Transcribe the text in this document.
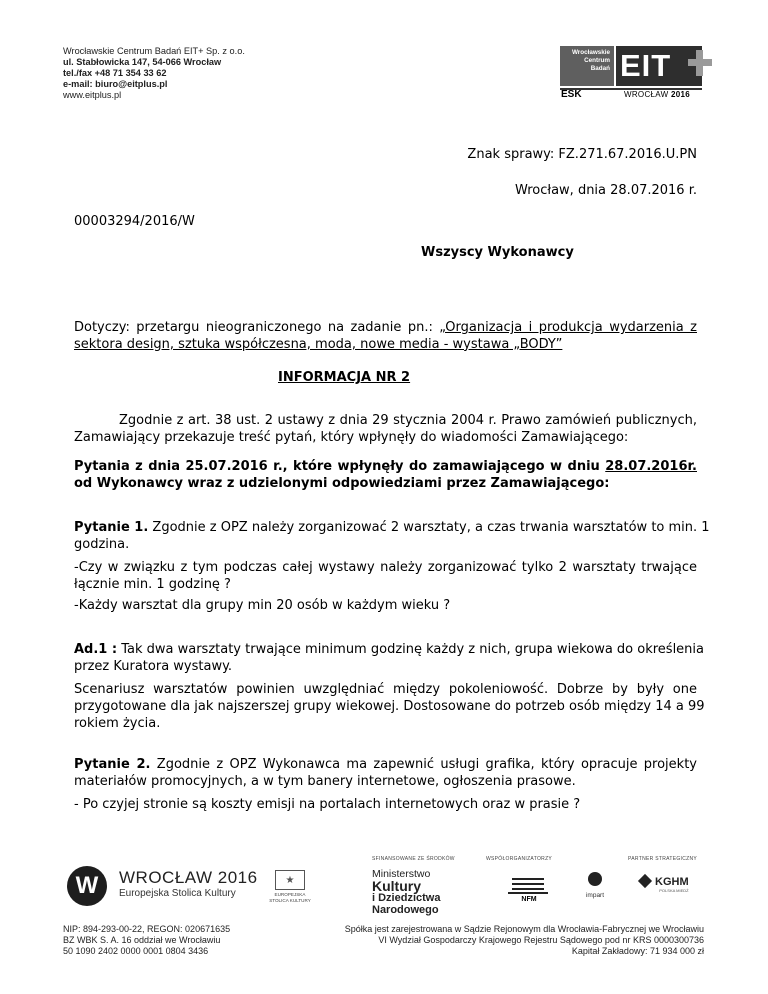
Wrocławskie Centrum Badań EIT+ Sp. z o.o.
ul. Stabłowicka 147, 54-066 Wrocław
tel./fax +48 71 354 33 62
e-mail: biuro@eitplus.pl
www.eitplus.pl
Wrocławskie
Centrum
Badań EIT
ESK	WROCŁAW 2016
Znak sprawy: FZ.271.67.2016.U.PN
Wrocław, dnia 28.07.2016 r.
00003294/2016/W
Wszyscy Wykonawcy
Dotyczy: przetargu nieograniczonego na zadanie pn.: „Organizacja i produkcja wydarzenia z
sektora design, sztuka współczesna, moda, nowe media - wystawa „BODY”
INFORMACJA NR 2
Zgodnie z art. 38 ust. 2 ustawy z dnia 29 stycznia 2004 r. Prawo zamówień publicznych,
Zamawiający przekazuje treść pytań, który wpłynęły do wiadomości Zamawiającego:
Pytania z dnia 25.07.2016 r., które wpłynęły do zamawiającego w dniu 28.07.2016r.
od Wykonawcy wraz z udzielonymi odpowiedziami przez Zamawiającego:
Pytanie 1. Zgodnie z OPZ należy zorganizować 2 warsztaty, a czas trwania warsztatów to min. 1
godzina.
-Czy w związku z tym podczas całej wystawy należy zorganizować tylko 2 warsztaty trwające
łącznie min. 1 godzinę ?
-Każdy warsztat dla grupy min 20 osób w każdym wieku ?
Ad.1 : Tak dwa warsztaty trwające minimum godzinę każdy z nich, grupa wiekowa do określenia
przez Kuratora wystawy.
Scenariusz warsztatów powinien uwzględniać między pokoleniowość. Dobrze by były one
przygotowane dla jak najszerszej grupy wiekowej. Dostosowane do potrzeb osób między 14 a 99
rokiem życia.
Pytanie 2. Zgodnie z OPZ Wykonawca ma zapewnić usługi grafika, który opracuje projekty
materiałów promocyjnych, a w tym banery internetowe, ogłoszenia prasowe.
- Po czyjej stronie są koszty emisji na portalach internetowych oraz w prasie ?
W	WROCŁAW 2016
Europejska Stolica Kultury
★
EUROPEJSKA
STOLICA KULTURY
SFINANSOWANE ZE ŚRODKÓW	WSPÓŁORGANIZATORZY	PARTNER STRATEGICZNY
Ministerstwo
Kultury
i Dziedzictwa
Narodowego
NFM
impart
KGHM
POLSKA MIEDŹ
NIP: 894-293-00-22, REGON: 020671635
BZ WBK S. A. 16 oddział we Wrocławiu
50 1090 2402 0000 0001 0804 3436
Spółka jest zarejestrowana w Sądzie Rejonowym dla Wrocławia-Fabrycznej we Wrocławiu
VI Wydział Gospodarczy Krajowego Rejestru Sądowego pod nr KRS 0000300736
Kapitał Zakładowy: 71 934 000 zł
